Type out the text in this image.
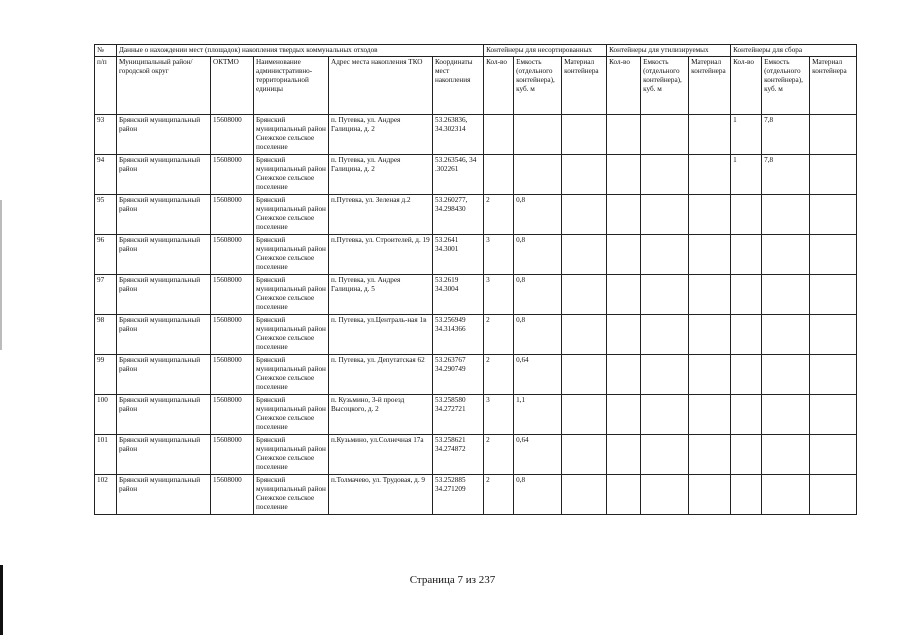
№	Данные о нахождении мест (площадок) накопления твердых коммунальных отходов					Контейнеры для несортированных			Контейнеры для утилизируемых			Контейнеры для сбора		
п/п	Муниципальный район/городской округ	ОКТМО	Наименование административно-территориальной единицы	Адрес места накопления ТКО	Координаты мест накопления	Кол-во	Емкость (отдельного контейнера), куб. м	Материал контейнера	Кол-во	Емкость (отдельного контейнера), куб. м	Материал контейнера	Кол-во	Емкость (отдельного контейнера), куб. м	Материал контейнера
93	Брянский муниципальный район	15608000	Брянский муниципальный район Снежское сельское поселение	п. Путевка, ул. Андрея Галицина, д. 2	53.263836, 34.302314							1	7,8	
94	Брянский муниципальный район	15608000	Брянский муниципальный район Снежское сельское поселение	п. Путевка, ул. Андрея Галицина, д. 2	53.263546, 34 .302261							1	7,8	
95	Брянский муниципальный район	15608000	Брянский муниципальный район Снежское сельское поселение	п.Путевка, ул. Зеленая д.2	53.260277, 34.298430	2	0,8							
96	Брянский муниципальный район	15608000	Брянский муниципальный район Снежское сельское поселение	п.Путевка, ул. Строителей, д. 19	53.2641 34.3001	3	0,8							
97	Брянский муниципальный район	15608000	Брянский муниципальный район Снежское сельское поселение	п. Путевка, ул. Андрея Галицина, д. 5	53.2619 34.3004	3	0,8							
98	Брянский муниципальный район	15608000	Брянский муниципальный район Снежское сельское поселение	п. Путевка, ул.Централь-ная 1в	53.256949 34.314366	2	0,8							
99	Брянский муниципальный район	15608000	Брянский муниципальный район Снежское сельское поселение	п. Путевка, ул. Депутатская 62	53.263767 34.290749	2	0,64							
100	Брянский муниципальный район	15608000	Брянский муниципальный район Снежское сельское поселение	п. Кузьмино, 3-й проезд Высоцкого, д. 2	53.258580 34.272721	3	1,1							
101	Брянский муниципальный район	15608000	Брянский муниципальный район Снежское сельское поселение	п.Кузьмино, ул.Солнечная 17а	53.258621 34.274872	2	0,64							
102	Брянский муниципальный район	15608000	Брянский муниципальный район Снежское сельское поселение	п.Толмачево, ул. Трудовая, д. 9	53.252885 34.271209	2	0,8							
Страница 7 из 237
